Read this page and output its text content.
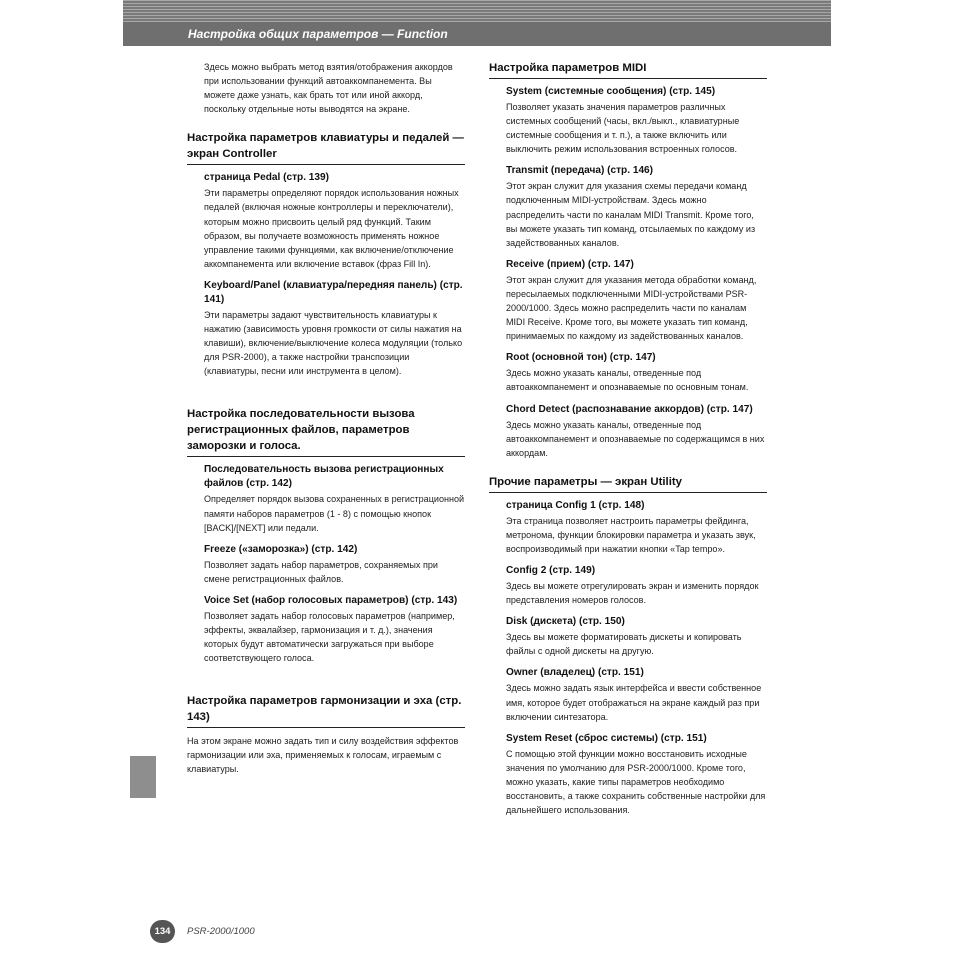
Настройка общих параметров — Function

Здесь можно выбрать метод взятия/отображения аккордов при использовании функций автоаккомпанемента. Вы можете даже узнать, как брать тот или иной аккорд, поскольку отдельные ноты выводятся на экране.

Настройка параметров клавиатуры и педалей — экран Controller
страница Pedal (стр. 139)

Эти параметры определяют порядок использования ножных педалей (включая ножные контроллеры и переключатели), которым можно присвоить целый ряд функций. Таким образом, вы получаете возможность применять ножное управление такими функциями, как включение/отключение аккомпанемента или включение вставок (фраз Fill In).

Keyboard/Panel (клавиатура/передняя панель) (стр. 141)

Эти параметры задают чувствительность клавиатуры к нажатию (зависимость уровня громкости от силы нажатия на клавиши), включение/выключение колеса модуляции (только для PSR-2000), а также настройки транспозиции (клавиатуры, песни или инструмента в целом).

Настройка последовательности вызова регистрационных файлов, параметров заморозки и голоса.
Последовательность вызова регистрационных файлов (стр. 142)

Определяет порядок вызова сохраненных в регистрационной памяти наборов параметров (1 - 8) с помощью кнопок [BACK]/[NEXT] или педали.

Freeze («заморозка») (стр. 142)

Позволяет задать набор параметров, сохраняемых при смене регистрационных файлов.

Voice Set (набор голосовых параметров) (стр. 143)

Позволяет задать набор голосовых параметров (например, эффекты, эквалайзер, гармонизация и т. д.), значения которых будут автоматически загружаться при выборе соответствующего голоса.

Настройка параметров гармонизации и эха (стр. 143)

На этом экране можно задать тип и силу воздействия эффектов гармонизации или эха, применяемых к голосам, играемым с клавиатуры.

Настройка параметров MIDI
System (системные сообщения) (стр. 145)

Позволяет указать значения параметров различных системных сообщений (часы, вкл./выкл., клавиатурные системные сообщения и т. п.), а также включить или выключить режим использования встроенных голосов.

Transmit (передача) (стр. 146)

Этот экран служит для указания схемы передачи команд подключенным MIDI-устройствам. Здесь можно распределить части по каналам MIDI Transmit. Кроме того, вы можете указать тип команд, отсылаемых по каждому из задействованных каналов.

Receive (прием) (стр. 147)

Этот экран служит для указания метода обработки команд, пересылаемых подключенными MIDI-устройствами PSR-2000/1000. Здесь можно распределить части по каналам MIDI Receive. Кроме того, вы можете указать тип команд, принимаемых по каждому из задействованных каналов.

Root (основной тон) (стр. 147)

Здесь можно указать каналы, отведенные под автоаккомпанемент и опознаваемые по основным тонам.

Chord Detect (распознавание аккордов) (стр. 147)

Здесь можно указать каналы, отведенные под автоаккомпанемент и опознаваемые по содержащимся в них аккордам.

Прочие параметры — экран Utility
страница Config 1 (стр. 148)

Эта страница позволяет настроить параметры фейдинга, метронома, функции блокировки параметра и указать звук, воспроизводимый при нажатии кнопки «Tap tempo».

Config 2 (стр. 149)

Здесь вы можете отрегулировать экран и изменить порядок представления номеров голосов.

Disk (дискета) (стр. 150)

Здесь вы можете форматировать дискеты и копировать файлы с одной дискеты на другую.

Owner (владелец) (стр. 151)

Здесь можно задать язык интерфейса и ввести собственное имя, которое будет отображаться на экране каждый раз при включении синтезатора.

System Reset (сброс системы) (стр. 151)

С помощью этой функции можно восстановить исходные значения по умолчанию для PSR-2000/1000. Кроме того, можно указать, какие типы параметров необходимо восстановить, а также сохранить собственные настройки для дальнейшего использования.

134	PSR-2000/1000
